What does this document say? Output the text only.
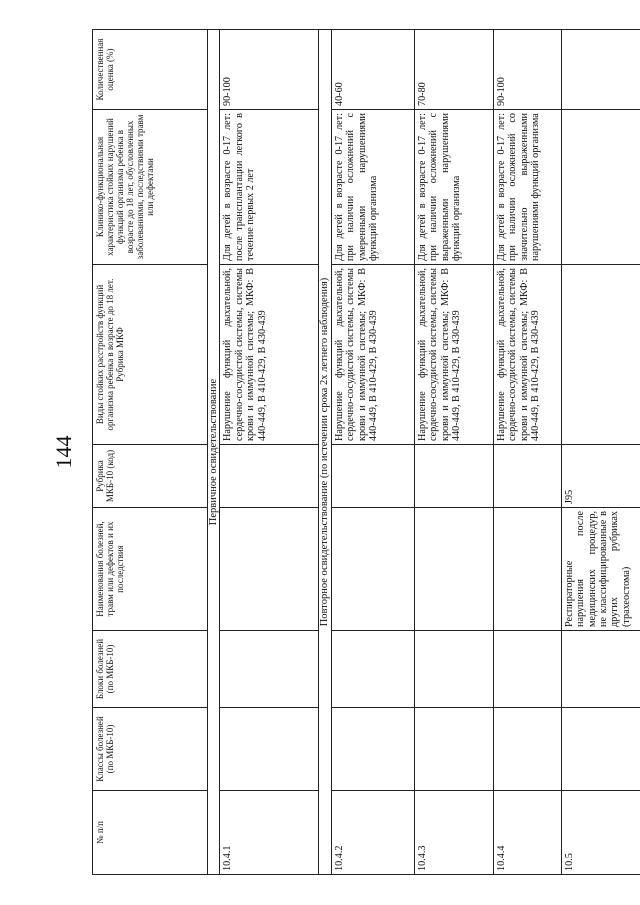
144
№ п/п	Классы болезней (по МКБ-10)	Блоки болезней (по МКБ-10)	Наименования болезней, травм или дефектов и их последствия	Рубрика МКБ-10 (код)	Виды стойких расстройств функций организма ребенка в возрасте до 18 лет. Рубрика МКФ	Клинико-функциональная характеристика стойких нарушений функций организма ребенка в возрасте до 18 лет, обусловленных заболеваниями, последствиями травм или дефектами	Количественная оценка (%)
Первичное освидетельствование							
10.4.1					Нарушение функций дыхательной, сердечно-сосудистой системы, системы крови и иммунной системы; МКФ: В 440-449, В 410-429, В 430-439	Для детей в возрасте 0-17 лет: после трансплантации легкого в течение первых 2 лет	90-100
Повторное освидетельствование (по истечении срока 2х летнего наблюдения)							
10.4.2					Нарушение функций дыхательной, сердечно-сосудистой системы, системы крови и иммунной системы; МКФ: В 440-449, В 410-429, В 430-439	Для детей в возрасте 0-17 лет: при наличии осложнений с умеренными нарушениями функций организма	40-60
10.4.3					Нарушение функций дыхательной, сердечно-сосудистой системы, системы крови и иммунной системы; МКФ: В 440-449, В 410-429, В 430-439	Для детей в возрасте 0-17 лет: при наличии осложнений с выраженными нарушениями функций организма	70-80
10.4.4					Нарушение функций дыхательной, сердечно-сосудистой системы, системы крови и иммунной системы; МКФ: В 440-449, В 410-429, В 430-439	Для детей в возрасте 0-17 лет: при наличии осложнений со значительно выраженными нарушениями функций организма	90-100
10.5			Респираторные нарушения после медицинских процедур, не классифицированные в других рубриках (трахеостома)	J95			
